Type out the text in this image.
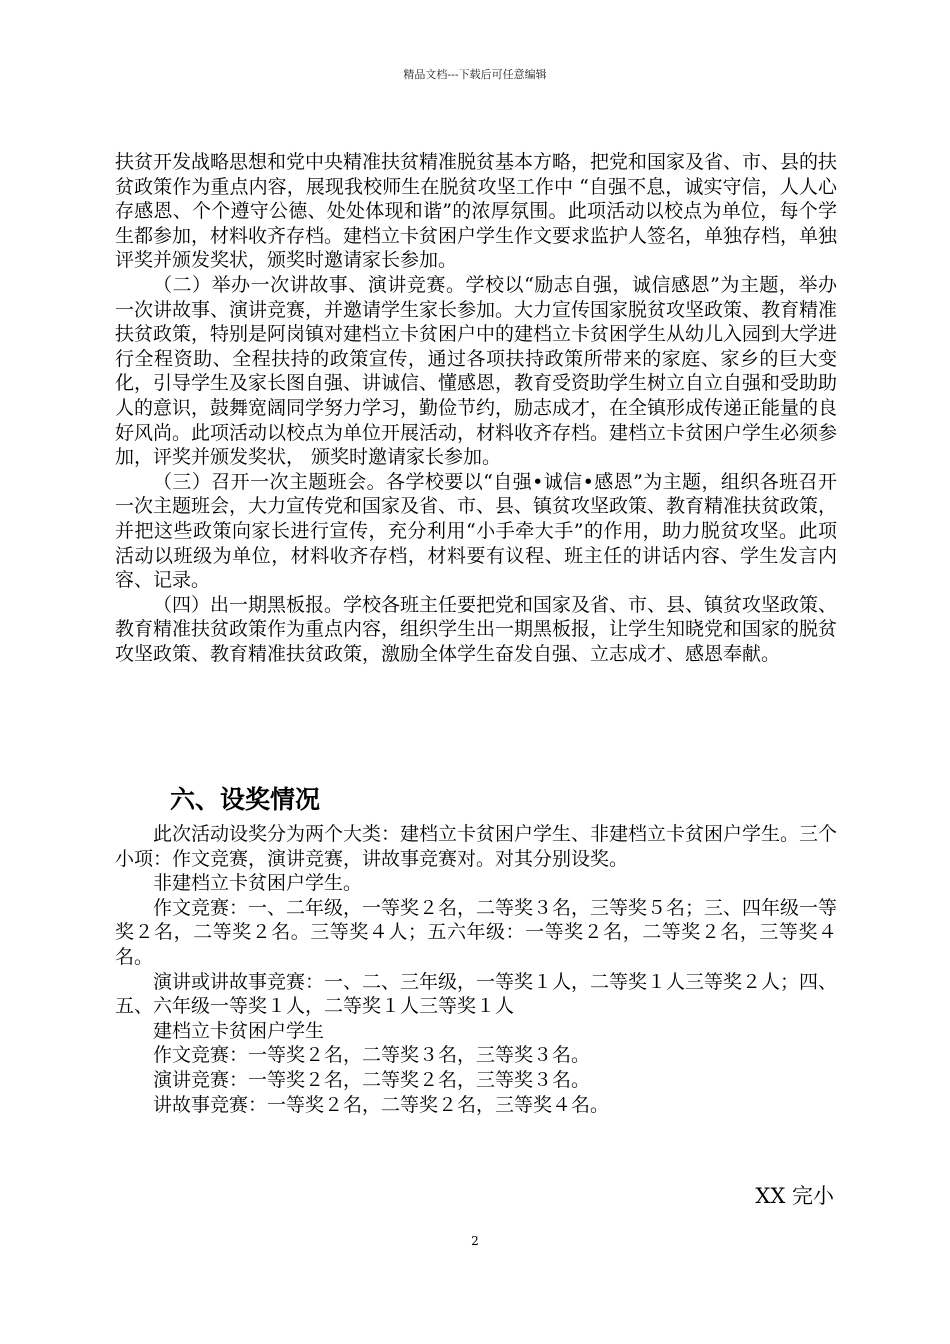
精品文档---下载后可任意编辑

扶贫开发战略思想和党中央精准扶贫精准脱贫基本方略，把党和国家及省、市、县的扶贫政策作为重点内容，展现我校师生在脱贫攻坚工作中 “自强不息，诚实守信，人人心存感恩、个个遵守公德、处处体现和谐”的浓厚氛围。此项活动以校点为单位，每个学生都参加，材料收齐存档。建档立卡贫困户学生作文要求监护人签名，单独存档，单独评奖并颁发奖状，颁奖时邀请家长参加。

（二）举办一次讲故事、演讲竞赛。学校以“励志自强，诚信感恩”为主题，举办一次讲故事、演讲竞赛，并邀请学生家长参加。大力宣传国家脱贫攻坚政策、教育精准扶贫政策，特别是阿岗镇对建档立卡贫困户中的建档立卡贫困学生从幼儿入园到大学进行全程资助、全程扶持的政策宣传，通过各项扶持政策所带来的家庭、家乡的巨大变化，引导学生及家长图自强、讲诚信、懂感恩，教育受资助学生树立自立自强和受助助人的意识，鼓舞宽阔同学努力学习，勤俭节约，励志成才，在全镇形成传递正能量的良好风尚。此项活动以校点为单位开展活动，材料收齐存档。建档立卡贫困户学生必须参加，评奖并颁发奖状， 颁奖时邀请家长参加。

（三）召开一次主题班会。各学校要以“自强•诚信•感恩”为主题，组织各班召开一次主题班会，大力宣传党和国家及省、市、县、镇贫攻坚政策、教育精准扶贫政策，并把这些政策向家长进行宣传，充分利用“小手牵大手”的作用，助力脱贫攻坚。此项活动以班级为单位，材料收齐存档，材料要有议程、班主任的讲话内容、学生发言内容、记录。

（四）出一期黑板报。学校各班主任要把党和国家及省、市、县、镇贫攻坚政策、教育精准扶贫政策作为重点内容，组织学生出一期黑板报，让学生知晓党和国家的脱贫攻坚政策、教育精准扶贫政策，激励全体学生奋发自强、立志成才、感恩奉献。

六、设奖情况

此次活动设奖分为两个大类：建档立卡贫困户学生、非建档立卡贫困户学生。三个小项：作文竞赛，演讲竞赛，讲故事竞赛对。对其分别设奖。

非建档立卡贫困户学生。

作文竞赛：一、二年级，一等奖２名，二等奖３名，三等奖５名；三、四年级一等奖２名，二等奖２名。三等奖４人；五六年级：一等奖２名，二等奖２名，三等奖４名。

演讲或讲故事竞赛：一、二、三年级，一等奖１人，二等奖１人三等奖２人；四、五、六年级一等奖１人，二等奖１人三等奖１人

建档立卡贫困户学生

作文竞赛：一等奖２名，二等奖３名，三等奖３名。

演讲竞赛：一等奖２名，二等奖２名，三等奖３名。

讲故事竞赛：一等奖２名，二等奖２名，三等奖４名。

XX 完小
2
